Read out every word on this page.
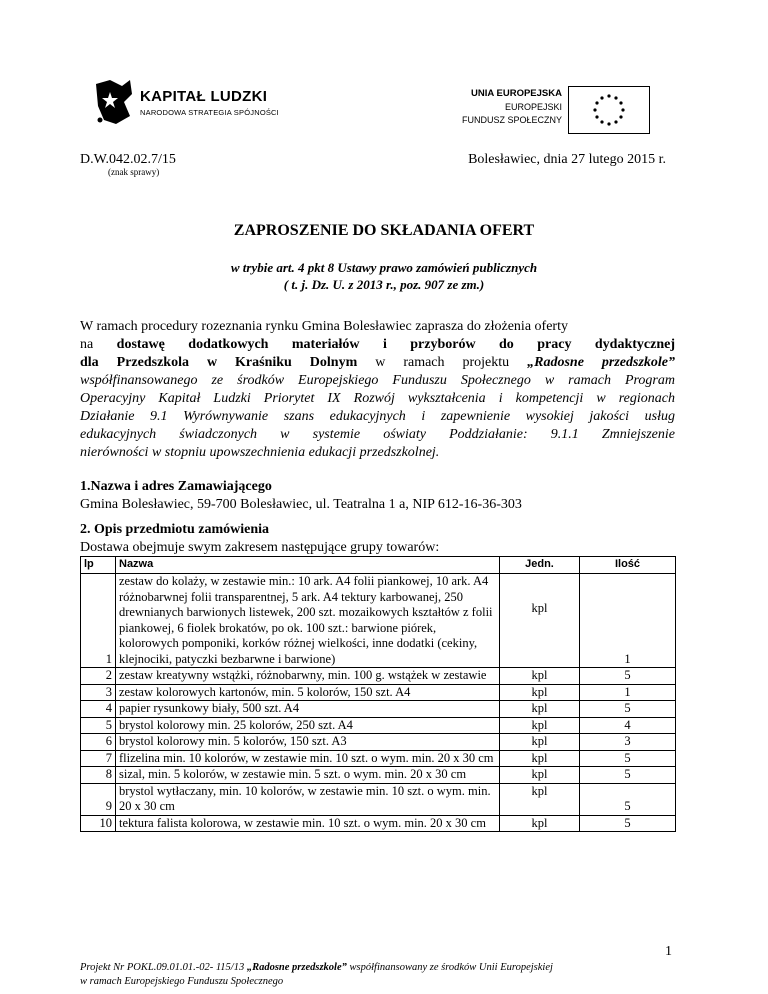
KAPITAŁ LUDZKI
NARODOWA STRATEGIA SPÓJNOŚCI
UNIA EUROPEJSKA
EUROPEJSKI
FUNDUSZ SPOŁECZNY
D.W.042.02.7/15
(znak sprawy)
Bolesławiec, dnia 27 lutego 2015 r.
ZAPROSZENIE DO SKŁADANIA OFERT
w trybie art. 4 pkt 8 Ustawy prawo zamówień publicznych
( t. j. Dz. U. z 2013 r., poz. 907 ze zm.)
W ramach procedury rozeznania rynku Gmina Bolesławiec zaprasza do złożenia oferty
na dostawę dodatkowych materiałów i przyborów do pracy dydaktycznej
dla Przedszkola w Kraśniku Dolnym w ramach projektu „Radosne przedszkole”
współfinansowanego ze środków Europejskiego Funduszu Społecznego w ramach Program
Operacyjny Kapitał Ludzki Priorytet IX Rozwój wykształcenia i kompetencji w regionach
Działanie 9.1 Wyrównywanie szans edukacyjnych i zapewnienie wysokiej jakości usług
edukacyjnych świadczonych w systemie oświaty Poddziałanie: 9.1.1 Zmniejszenie
nierówności w stopniu upowszechnienia edukacji przedszkolnej.
1.Nazwa i adres Zamawiającego
Gmina Bolesławiec, 59-700 Bolesławiec, ul. Teatralna 1 a, NIP 612-16-36-303
2. Opis przedmiotu zamówienia
Dostawa obejmuje swym zakresem następujące grupy towarów:
lp	Nazwa	Jedn.	Ilość
1	zestaw do kolaży, w zestawie min.: 10 ark. A4 folii piankowej, 10 ark. A4 różnobarwnej folii transparentnej, 5 ark. A4 tektury karbowanej, 250 drewnianych barwionych listewek, 200 szt. mozaikowych kształtów z folii piankowej, 6 fiolek brokatów, po ok. 100 szt.: barwione piórek, kolorowych pomponiki, korków różnej wielkości, inne dodatki (cekiny, klejnociki, patyczki bezbarwne i barwione)	kpl	1
2	zestaw kreatywny wstążki, różnobarwny, min. 100 g. wstążek w zestawie	kpl	5
3	zestaw kolorowych kartonów, min. 5 kolorów, 150 szt. A4	kpl	1
4	papier rysunkowy biały, 500 szt. A4	kpl	5
5	brystol kolorowy min. 25 kolorów, 250 szt. A4	kpl	4
6	brystol kolorowy min. 5 kolorów, 150 szt. A3	kpl	3
7	flizelina min. 10 kolorów, w zestawie min. 10 szt. o wym. min. 20 x 30 cm	kpl	5
8	sizal, min. 5 kolorów, w zestawie min. 5 szt. o wym. min. 20 x 30 cm	kpl	5
9	brystol wytłaczany, min. 10 kolorów, w zestawie min. 10 szt. o wym. min. 20 x 30 cm	kpl	5
10	tektura falista kolorowa, w zestawie min. 10 szt. o wym. min. 20 x 30 cm	kpl	5
1
Projekt Nr POKL.09.01.01.-02- 115/13 „Radosne przedszkole” współfinansowany ze środków Unii Europejskiej
w ramach Europejskiego Funduszu Społecznego
